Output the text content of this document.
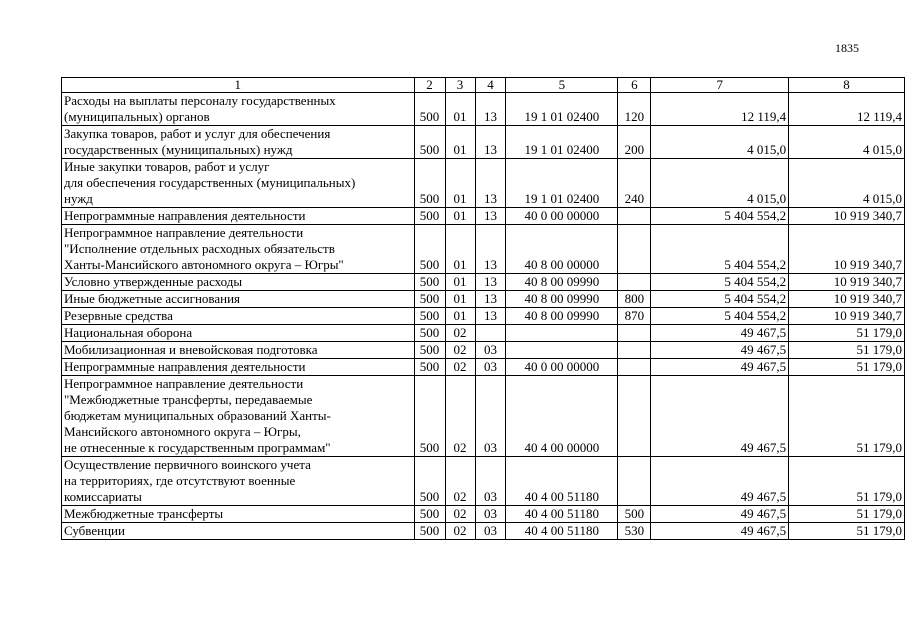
1835
1	2	3	4	5	6	7	8
Расходы на выплаты персоналу государственных
(муниципальных) органов	500	01	13	19 1 01 02400	120	12 119,4	12 119,4
Закупка товаров, работ и услуг для обеспечения
государственных (муниципальных) нужд	500	01	13	19 1 01 02400	200	4 015,0	4 015,0
Иные закупки товаров, работ и услуг
для обеспечения государственных (муниципальных)
нужд	500	01	13	19 1 01 02400	240	4 015,0	4 015,0
Непрограммные направления деятельности	500	01	13	40 0 00 00000		5 404 554,2	10 919 340,7
Непрограммное направление деятельности
"Исполнение отдельных расходных обязательств
Ханты-Мансийского автономного округа – Югры"	500	01	13	40 8 00 00000		5 404 554,2	10 919 340,7
Условно утвержденные расходы	500	01	13	40 8 00 09990		5 404 554,2	10 919 340,7
Иные бюджетные ассигнования	500	01	13	40 8 00 09990	800	5 404 554,2	10 919 340,7
Резервные средства	500	01	13	40 8 00 09990	870	5 404 554,2	10 919 340,7
Национальная оборона	500	02				49 467,5	51 179,0
Мобилизационная и вневойсковая подготовка	500	02	03			49 467,5	51 179,0
Непрограммные направления деятельности	500	02	03	40 0 00 00000		49 467,5	51 179,0
Непрограммное направление деятельности
"Межбюджетные трансферты, передаваемые
бюджетам муниципальных образований Ханты-
Мансийского автономного округа – Югры,
не отнесенные к государственным программам"	500	02	03	40 4 00 00000		49 467,5	51 179,0
Осуществление первичного воинского учета
на территориях, где отсутствуют военные
комиссариаты	500	02	03	40 4 00 51180		49 467,5	51 179,0
Межбюджетные трансферты	500	02	03	40 4 00 51180	500	49 467,5	51 179,0
Субвенции	500	02	03	40 4 00 51180	530	49 467,5	51 179,0
